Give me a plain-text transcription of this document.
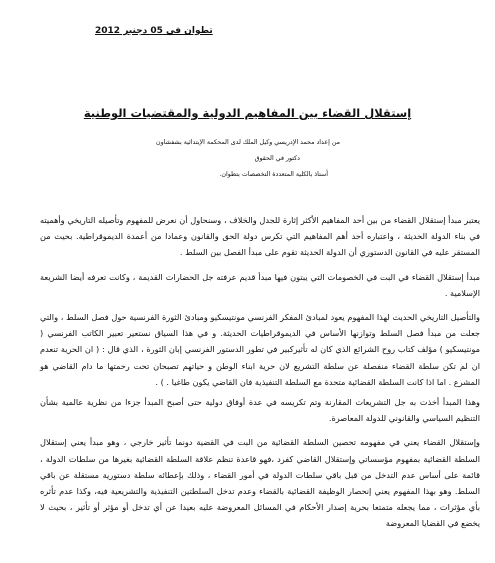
تطوان في 05 دجنبر 2012
إستقلال القضاء بين المفاهيم الدولية والمقتضيات الوطنية
من إعداد محمد الإدريسي وكيل الملك لدى المحكمة الإبتدائية بشفشاون
دكتور في الحقوق
أستاذ بالكلية المتعددة التخصصات بتطوان.

يعتبر مبدأ إستقلال القضاء من بين أحد المفاهيم الأكثر إثارة للجدل والخلاف ، وسنحاول أن نعرض للمفهوم وتأصيله التاريخي وأهميته في بناء الدولة الحديثة ، واعتباره أحد أهم المفاهيم التي تكرس دولة الحق والقانون وعمادا من أعمدة الديموقراطية. بحيث من المستقر عليه في القانون الدستوري أن الدولة الحديثة تقوم على مبدأ الفصل بين السلط .

مبدأ إستقلال القضاء في البت في الخصومات التي يبتون فيها مبدأ قديم عرفته جل الحضارات القديمة ، وكانت تعرفه أيضا الشريعة الإسلامية .

والتأصيل التاريخي الحديث لهذا المفهوم يعود لمبادئ المفكر الفرنسي مونتيسكيو ومبادئ الثورة الفرنسية حول فصل السلط ، والتي جعلت من مبدأ فصل السلط وتوازنها الأساس في الديموقراطيات الحديثة. و في هذا السياق نستعير تعبير الكاتب الفرنسي ( مونتيسكيو ) مؤلف كتاب روح الشرائع الذي كان له تأثيركبير في تطور الدستور الفرنسي إبان الثورة ، الذي قال : ( ان الحرية تنعدم ان لم تكن سلطة القضاء منفصلة عن سلطة التشريع لان حرية ابناء الوطن و حياتهم تصبحان تحت رحمتها ما دام القاضي هو المشرع . اما اذا كانت السلطة القضائية متحدة مع السلطة التنفيذية فان القاضي يكون طاغيا . ) .

وهذا المبدأ أخذت به جل التشريعات المقارنة وتم تكريسه في عدة أوفاق دولية حتى أصبح المبدأ جزءا من نظرية عالمية بشأن التنظيم السياسي والقانوني للدولة المعاصرة.

وإستقلال القضاء يعني في مفهومه تحصين السلطة القضائية من البت في القضية دونما تأثير خارجي ، وهو مبدأ يعني إستقلال السلطة القضائية بمفهوم مؤسساتي وإستقلال القاضي كفرد ،فهو قاعدة تنظم علاقة السلطة القضائية بغيرها من سلطات الدولة ، قائمة على أساس عدم التدخل من قبل باقي سلطات الدولة في أمور القضاء ، وذلك بإعطائه سلطة دستورية مستقلة عن باقي السلط. وهو بهذا المفهوم يعني إنحصار الوظيفة القضائية بالقضاء وعدم تدخل السلطتين التنفيذية والتشريعية فيه، وكذا عدم تأثره بأي مؤثرات ، مما يجعله متمتعا بحرية إصدار الأحكام في المسائل المعروضة عليه بعيدا عن أي تدخل أو مؤثر أو تأثير ، بحيث لا يخضع في القضايا المعروضة
